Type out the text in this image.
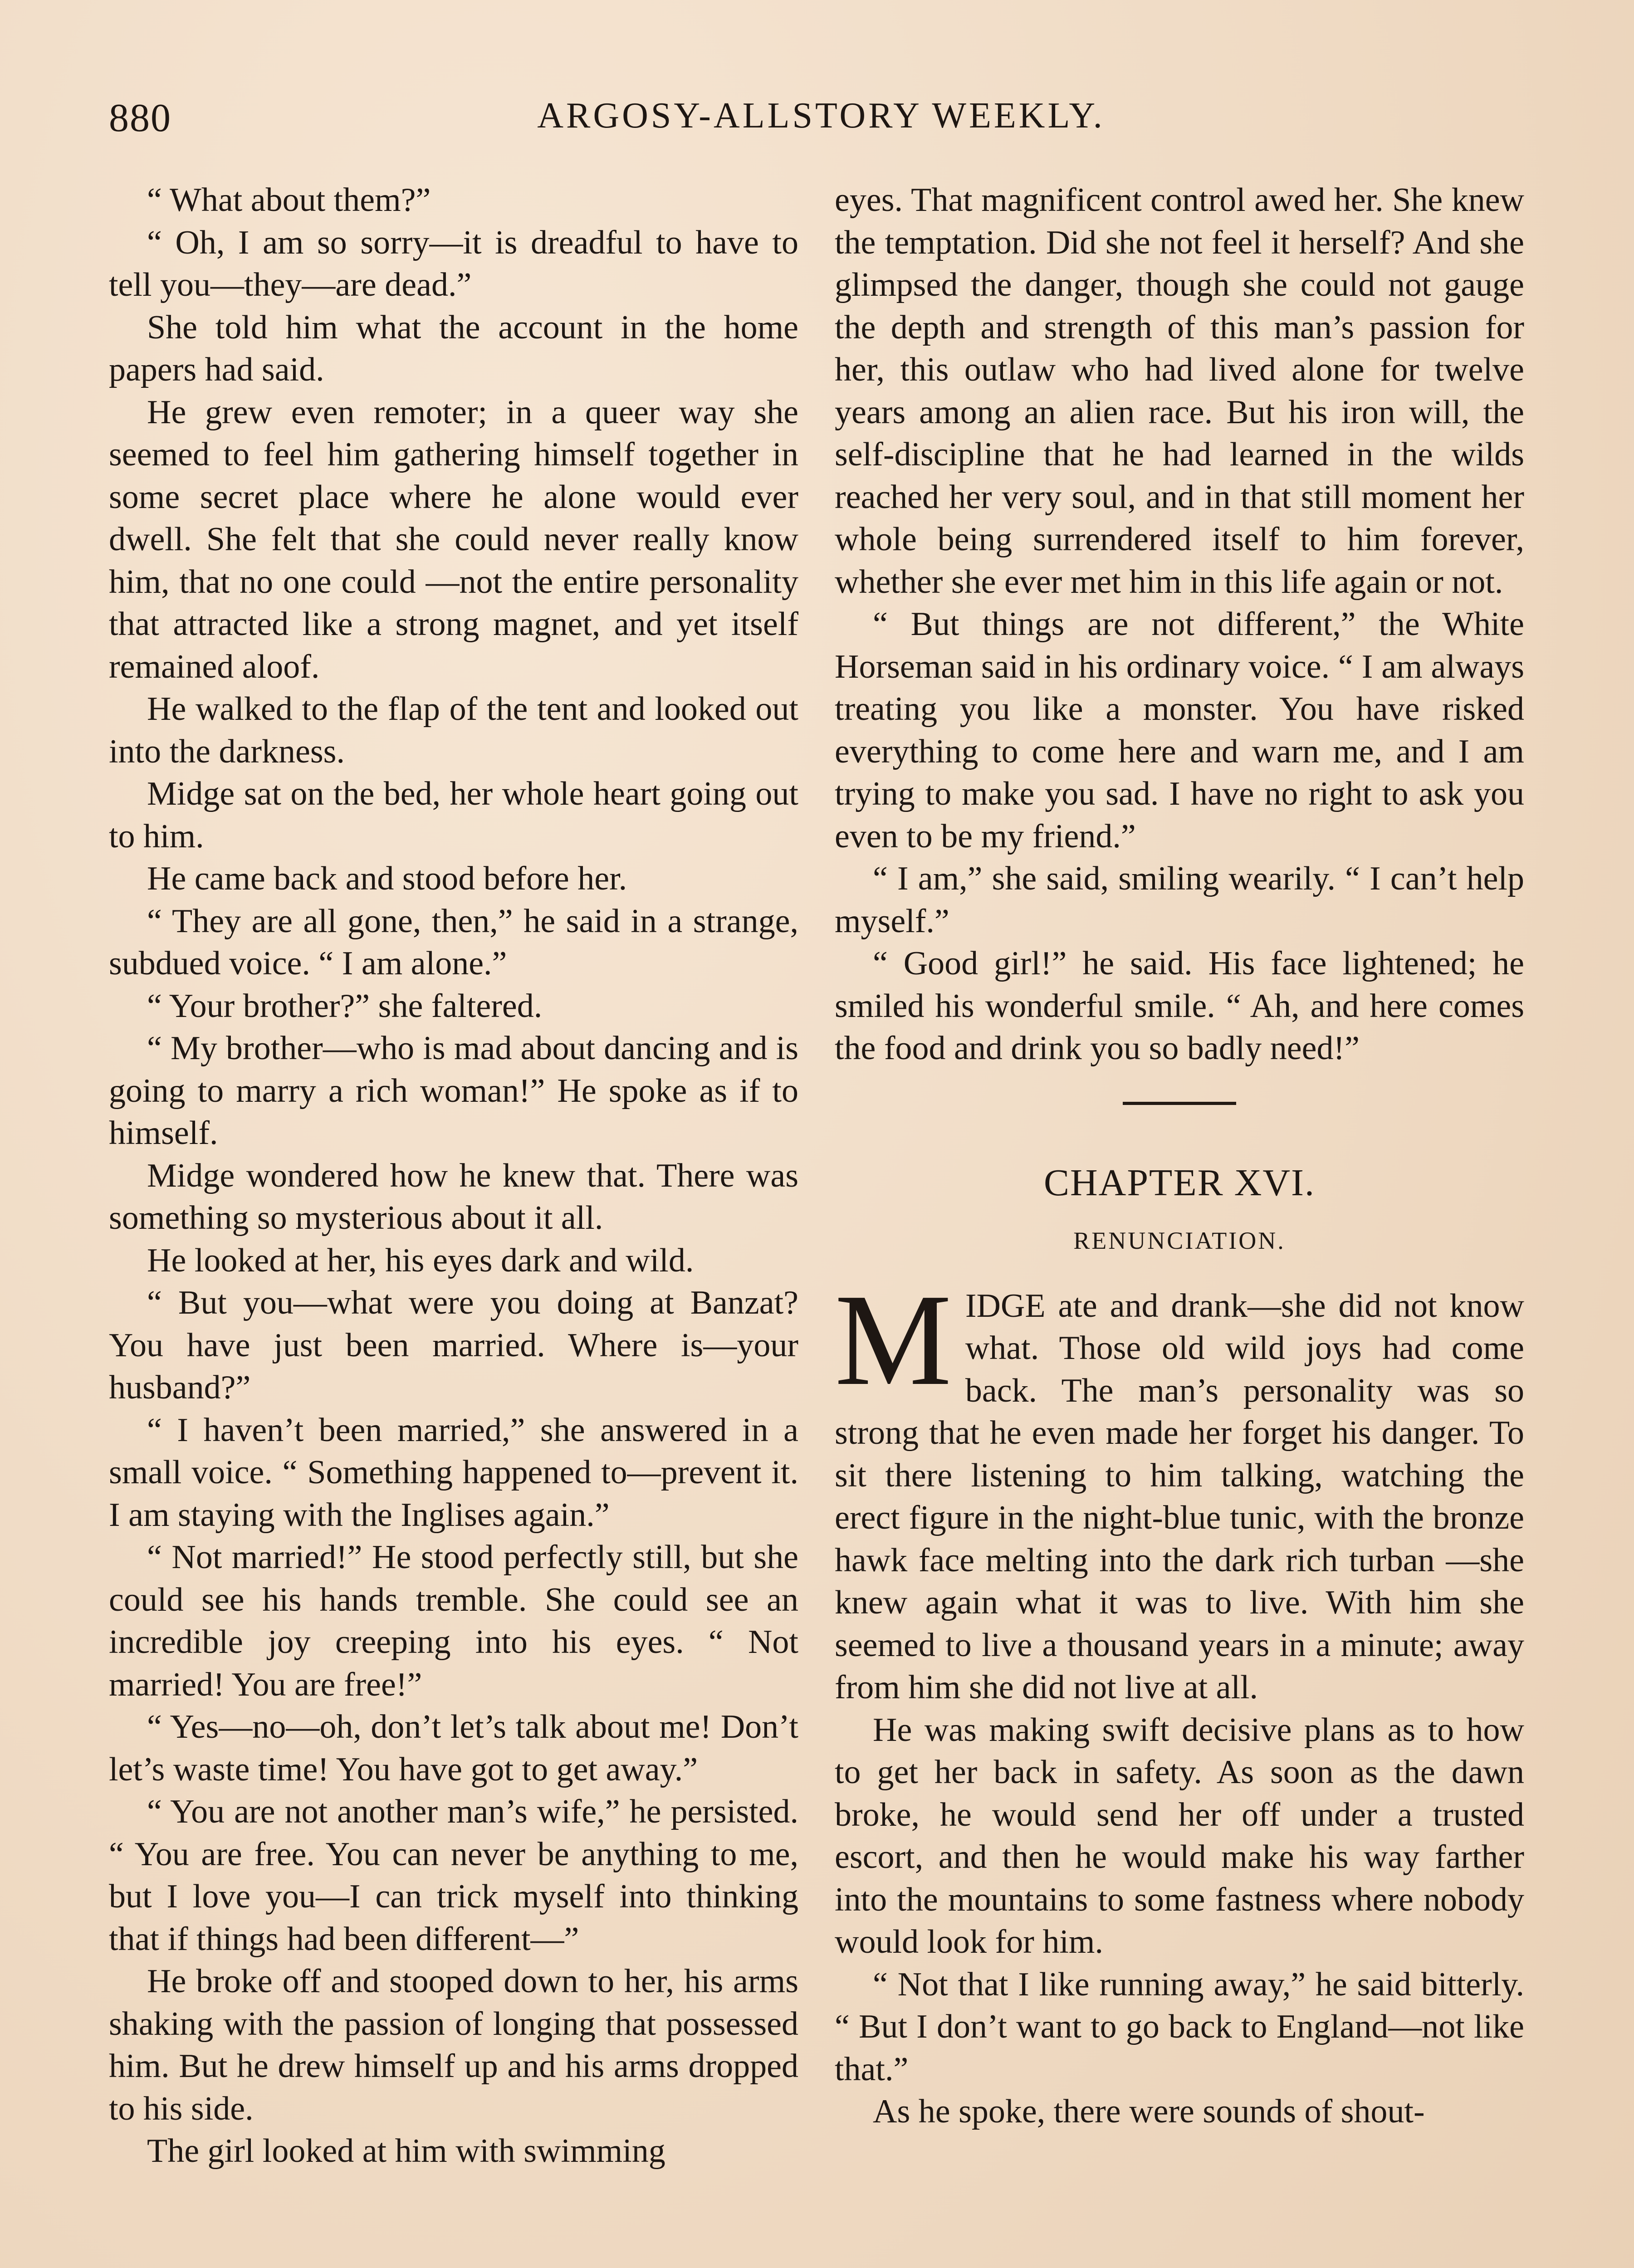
880	ARGOSY-ALLSTORY WEEKLY.

“ What about them?”

“ Oh, I am so sorry—it is dreadful to have to tell you—they—are dead.”

She told him what the account in the home papers had said.

He grew even remoter; in a queer way she seemed to feel him gathering himself together in some secret place where he alone would ever dwell. She felt that she could never really know him, that no one could —not the entire personality that attracted like a strong magnet, and yet itself remained aloof.

He walked to the flap of the tent and looked out into the darkness.

Midge sat on the bed, her whole heart going out to him.

He came back and stood before her.

“ They are all gone, then,” he said in a strange, subdued voice. “ I am alone.”

“ Your brother?” she faltered.

“ My brother—who is mad about dancing and is going to marry a rich woman!” He spoke as if to himself.

Midge wondered how he knew that. There was something so mysterious about it all.

He looked at her, his eyes dark and wild.

“ But you—what were you doing at Banzat? You have just been married. Where is—your husband?”

“ I haven’t been married,” she answered in a small voice. “ Something happened to—prevent it. I am staying with the Inglises again.”

“ Not married!” He stood perfectly still, but she could see his hands tremble. She could see an incredible joy creeping into his eyes. “ Not married! You are free!”

“ Yes—no—oh, don’t let’s talk about me! Don’t let’s waste time! You have got to get away.”

“ You are not another man’s wife,” he persisted. “ You are free. You can never be anything to me, but I love you—I can trick myself into thinking that if things had been different—”

He broke off and stooped down to her, his arms shaking with the passion of longing that possessed him. But he drew himself up and his arms dropped to his side.

The girl looked at him with swimming

eyes. That magnificent control awed her. She knew the temptation. Did she not feel it herself? And she glimpsed the danger, though she could not gauge the depth and strength of this man’s passion for her, this outlaw who had lived alone for twelve years among an alien race. But his iron will, the self-discipline that he had learned in the wilds reached her very soul, and in that still moment her whole being surrendered itself to him forever, whether she ever met him in this life again or not.

“ But things are not different,” the White Horseman said in his ordinary voice. “ I am always treating you like a monster. You have risked everything to come here and warn me, and I am trying to make you sad. I have no right to ask you even to be my friend.”

“ I am,” she said, smiling wearily. “ I can’t help myself.”

“ Good girl!” he said. His face lightened; he smiled his wonderful smile. “ Ah, and here comes the food and drink you so badly need!”

CHAPTER XVI.
RENUNCIATION.

MIDGE ate and drank—she did not know what. Those old wild joys had come back. The man’s personality was so strong that he even made her forget his danger. To sit there listening to him talking, watching the erect figure in the night-blue tunic, with the bronze hawk face melting into the dark rich turban —she knew again what it was to live. With him she seemed to live a thousand years in a minute; away from him she did not live at all.

He was making swift decisive plans as to how to get her back in safety. As soon as the dawn broke, he would send her off under a trusted escort, and then he would make his way farther into the mountains to some fastness where nobody would look for him.

“ Not that I like running away,” he said bitterly. “ But I don’t want to go back to England—not like that.”

As he spoke, there were sounds of shout-
